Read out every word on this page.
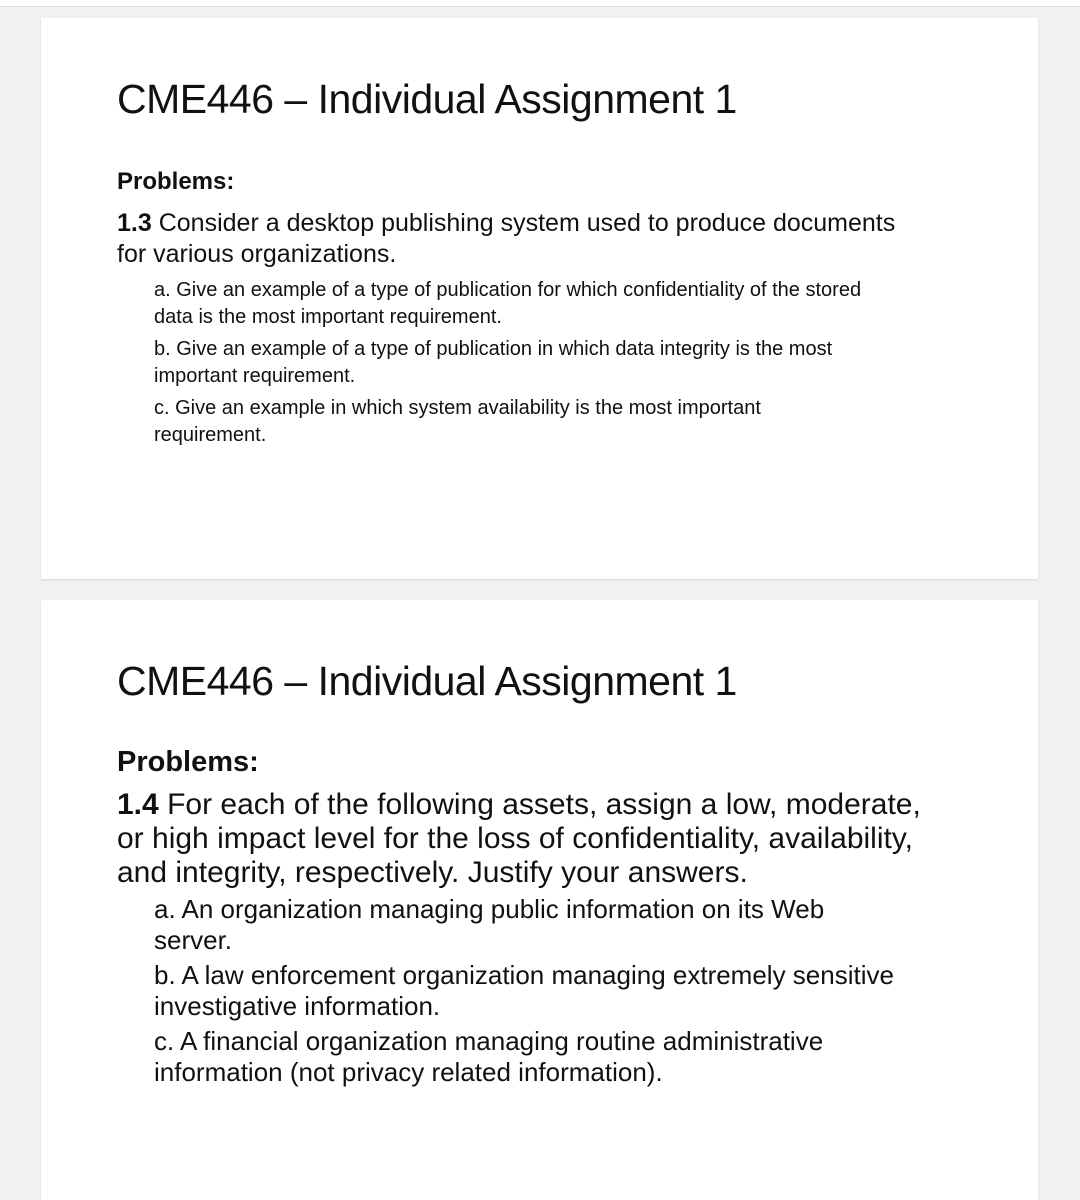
CME446 – Individual Assignment 1
Problems:

1.3 Consider a desktop publishing system used to produce documents
for various organizations.

a. Give an example of a type of publication for which confidentiality of the stored
data is the most important requirement.
b. Give an example of a type of publication in which data integrity is the most
important requirement.
c. Give an example in which system availability is the most important
requirement.
CME446 – Individual Assignment 1
Problems:

1.4 For each of the following assets, assign a low, moderate,
or high impact level for the loss of confidentiality, availability,
and integrity, respectively. Justify your answers.

a. An organization managing public information on its Web
server.
b. A law enforcement organization managing extremely sensitive
investigative information.
c. A financial organization managing routine administrative
information (not privacy related information).
